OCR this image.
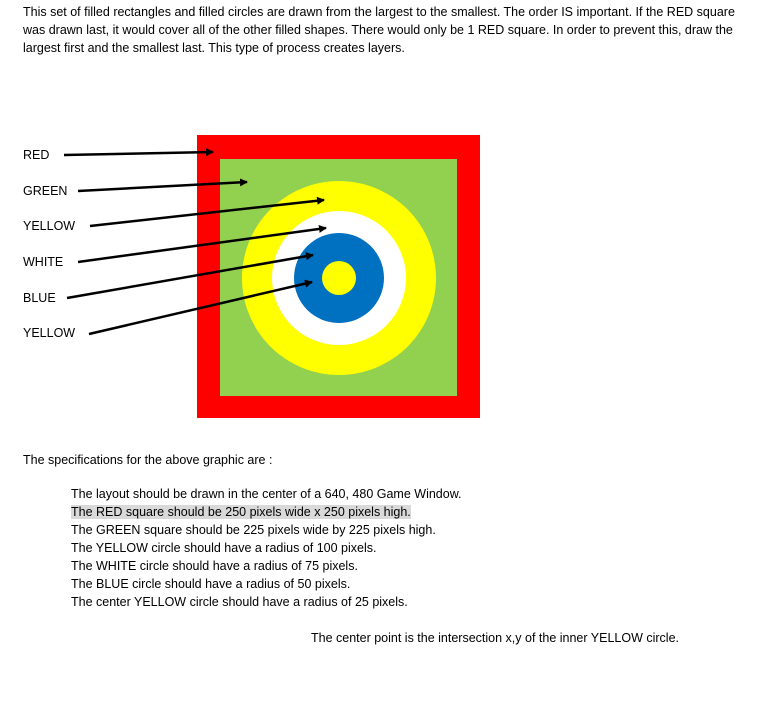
This set of filled rectangles and filled circles are drawn from the largest to the smallest. The order IS important. If the RED square was drawn last, it would cover all of the other filled shapes. There would only be 1 RED square. In order to prevent this, draw the largest first and the smallest last. This type of process creates layers.

RED
GREEN
YELLOW
WHITE
BLUE
YELLOW

The specifications for the above graphic are :

The layout should be drawn in the center of a 640, 480 Game Window.
The RED square should be 250 pixels wide x 250 pixels high.
The GREEN square should be 225 pixels wide by 225 pixels high.
The YELLOW circle should have a radius of 100 pixels.
The WHITE circle should have a radius of 75 pixels.
The BLUE circle should have a radius of 50 pixels.
The center YELLOW circle should have a radius of 25 pixels.

The center point is the intersection x,y of the inner YELLOW circle.
